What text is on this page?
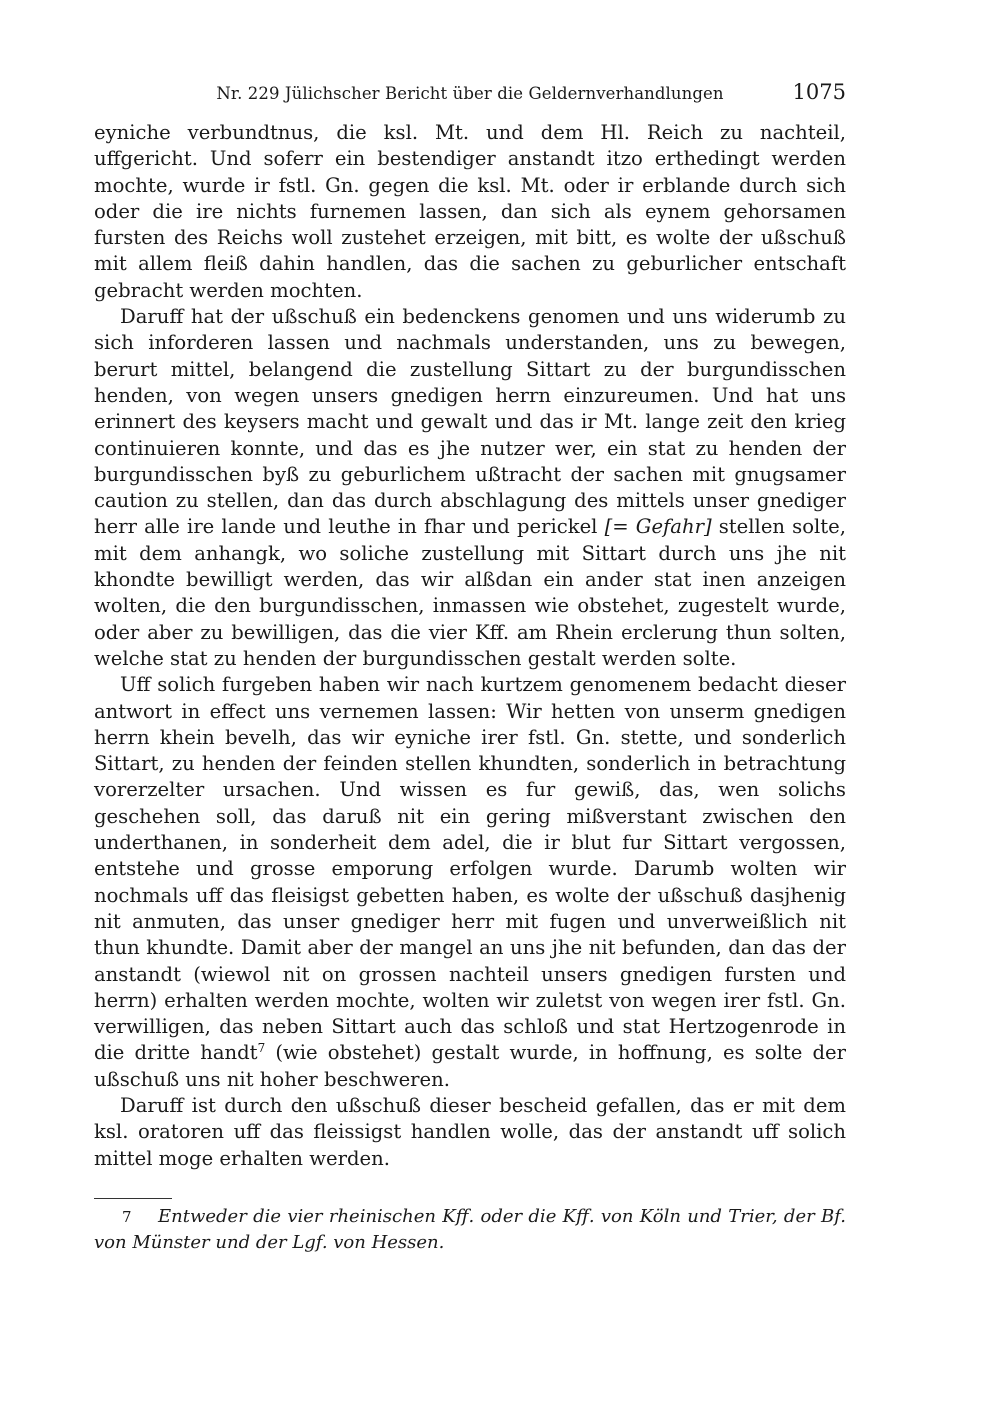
Nr. 229 Jülichscher Bericht über die Geldernverhandlungen	1075

eyniche verbundtnus, die ksl. Mt. und dem Hl. Reich zu nachteil, uffgericht. Und soferr ein bestendiger anstandt itzo erthedingt werden mochte, wurde ir fstl. Gn. gegen die ksl. Mt. oder ir erblande durch sich oder die ire nichts furnemen lassen, dan sich als eynem gehorsamen fursten des Reichs woll zustehet erzeigen, mit bitt, es wolte der ußschuß mit allem fleiß dahin handlen, das die sachen zu geburlicher entschaft gebracht werden mochten.

Daruff hat der ußschuß ein bedenckens genomen und uns widerumb zu sich inforderen lassen und nachmals understanden, uns zu bewegen, berurt mittel, belangend die zustellung Sittart zu der burgundisschen henden, von wegen unsers gnedigen herrn einzureumen. Und hat uns erinnert des keysers macht und gewalt und das ir Mt. lange zeit den krieg continuieren konnte, und das es jhe nutzer wer, ein stat zu henden der burgundisschen byß zu geburlichem ußtracht der sachen mit gnugsamer caution zu stellen, dan das durch abschlagung des mittels unser gnediger herr alle ire lande und leuthe in fhar und perickel [= Gefahr] stellen solte, mit dem anhangk, wo soliche zustellung mit Sittart durch uns jhe nit khondte bewilligt werden, das wir alßdan ein ander stat inen anzeigen wolten, die den burgundisschen, inmassen wie obstehet, zugestelt wurde, oder aber zu bewilligen, das die vier Kff. am Rhein erclerung thun solten, welche stat zu henden der burgundisschen gestalt werden solte.

Uff solich furgeben haben wir nach kurtzem genomenem bedacht dieser antwort in effect uns vernemen lassen: Wir hetten von unserm gnedigen herrn khein bevelh, das wir eyniche irer fstl. Gn. stette, und sonderlich Sittart, zu henden der feinden stellen khundten, sonderlich in betrachtung vorerzelter ursachen. Und wissen es fur gewiß, das, wen solichs geschehen soll, das daruß nit ein gering mißverstant zwischen den underthanen, in sonderheit dem adel, die ir blut fur Sittart vergossen, entstehe und grosse emporung erfolgen wurde. Darumb wolten wir nochmals uff das fleisigst gebetten haben, es wolte der ußschuß dasjhenig nit anmuten, das unser gnediger herr mit fugen und unverweißlich nit thun khundte. Damit aber der mangel an uns jhe nit befunden, dan das der anstandt (wiewol nit on grossen nachteil unsers gnedigen fursten und herrn) erhalten werden mochte, wolten wir zuletst von wegen irer fstl. Gn. verwilligen, das neben Sittart auch das schloß und stat Hertzogenrode in die dritte handt$^7$ (wie obstehet) gestalt wurde, in hoffnung, es solte der ußschuß uns nit hoher beschweren.

Daruff ist durch den ußschuß dieser bescheid gefallen, das er mit dem ksl. oratoren uff das fleissigst handlen wolle, das der anstandt uff solich mittel moge erhalten werden.

7 Entweder die vier rheinischen Kff. oder die Kff. von Köln und Trier, der Bf. von Münster und der Lgf. von Hessen.
